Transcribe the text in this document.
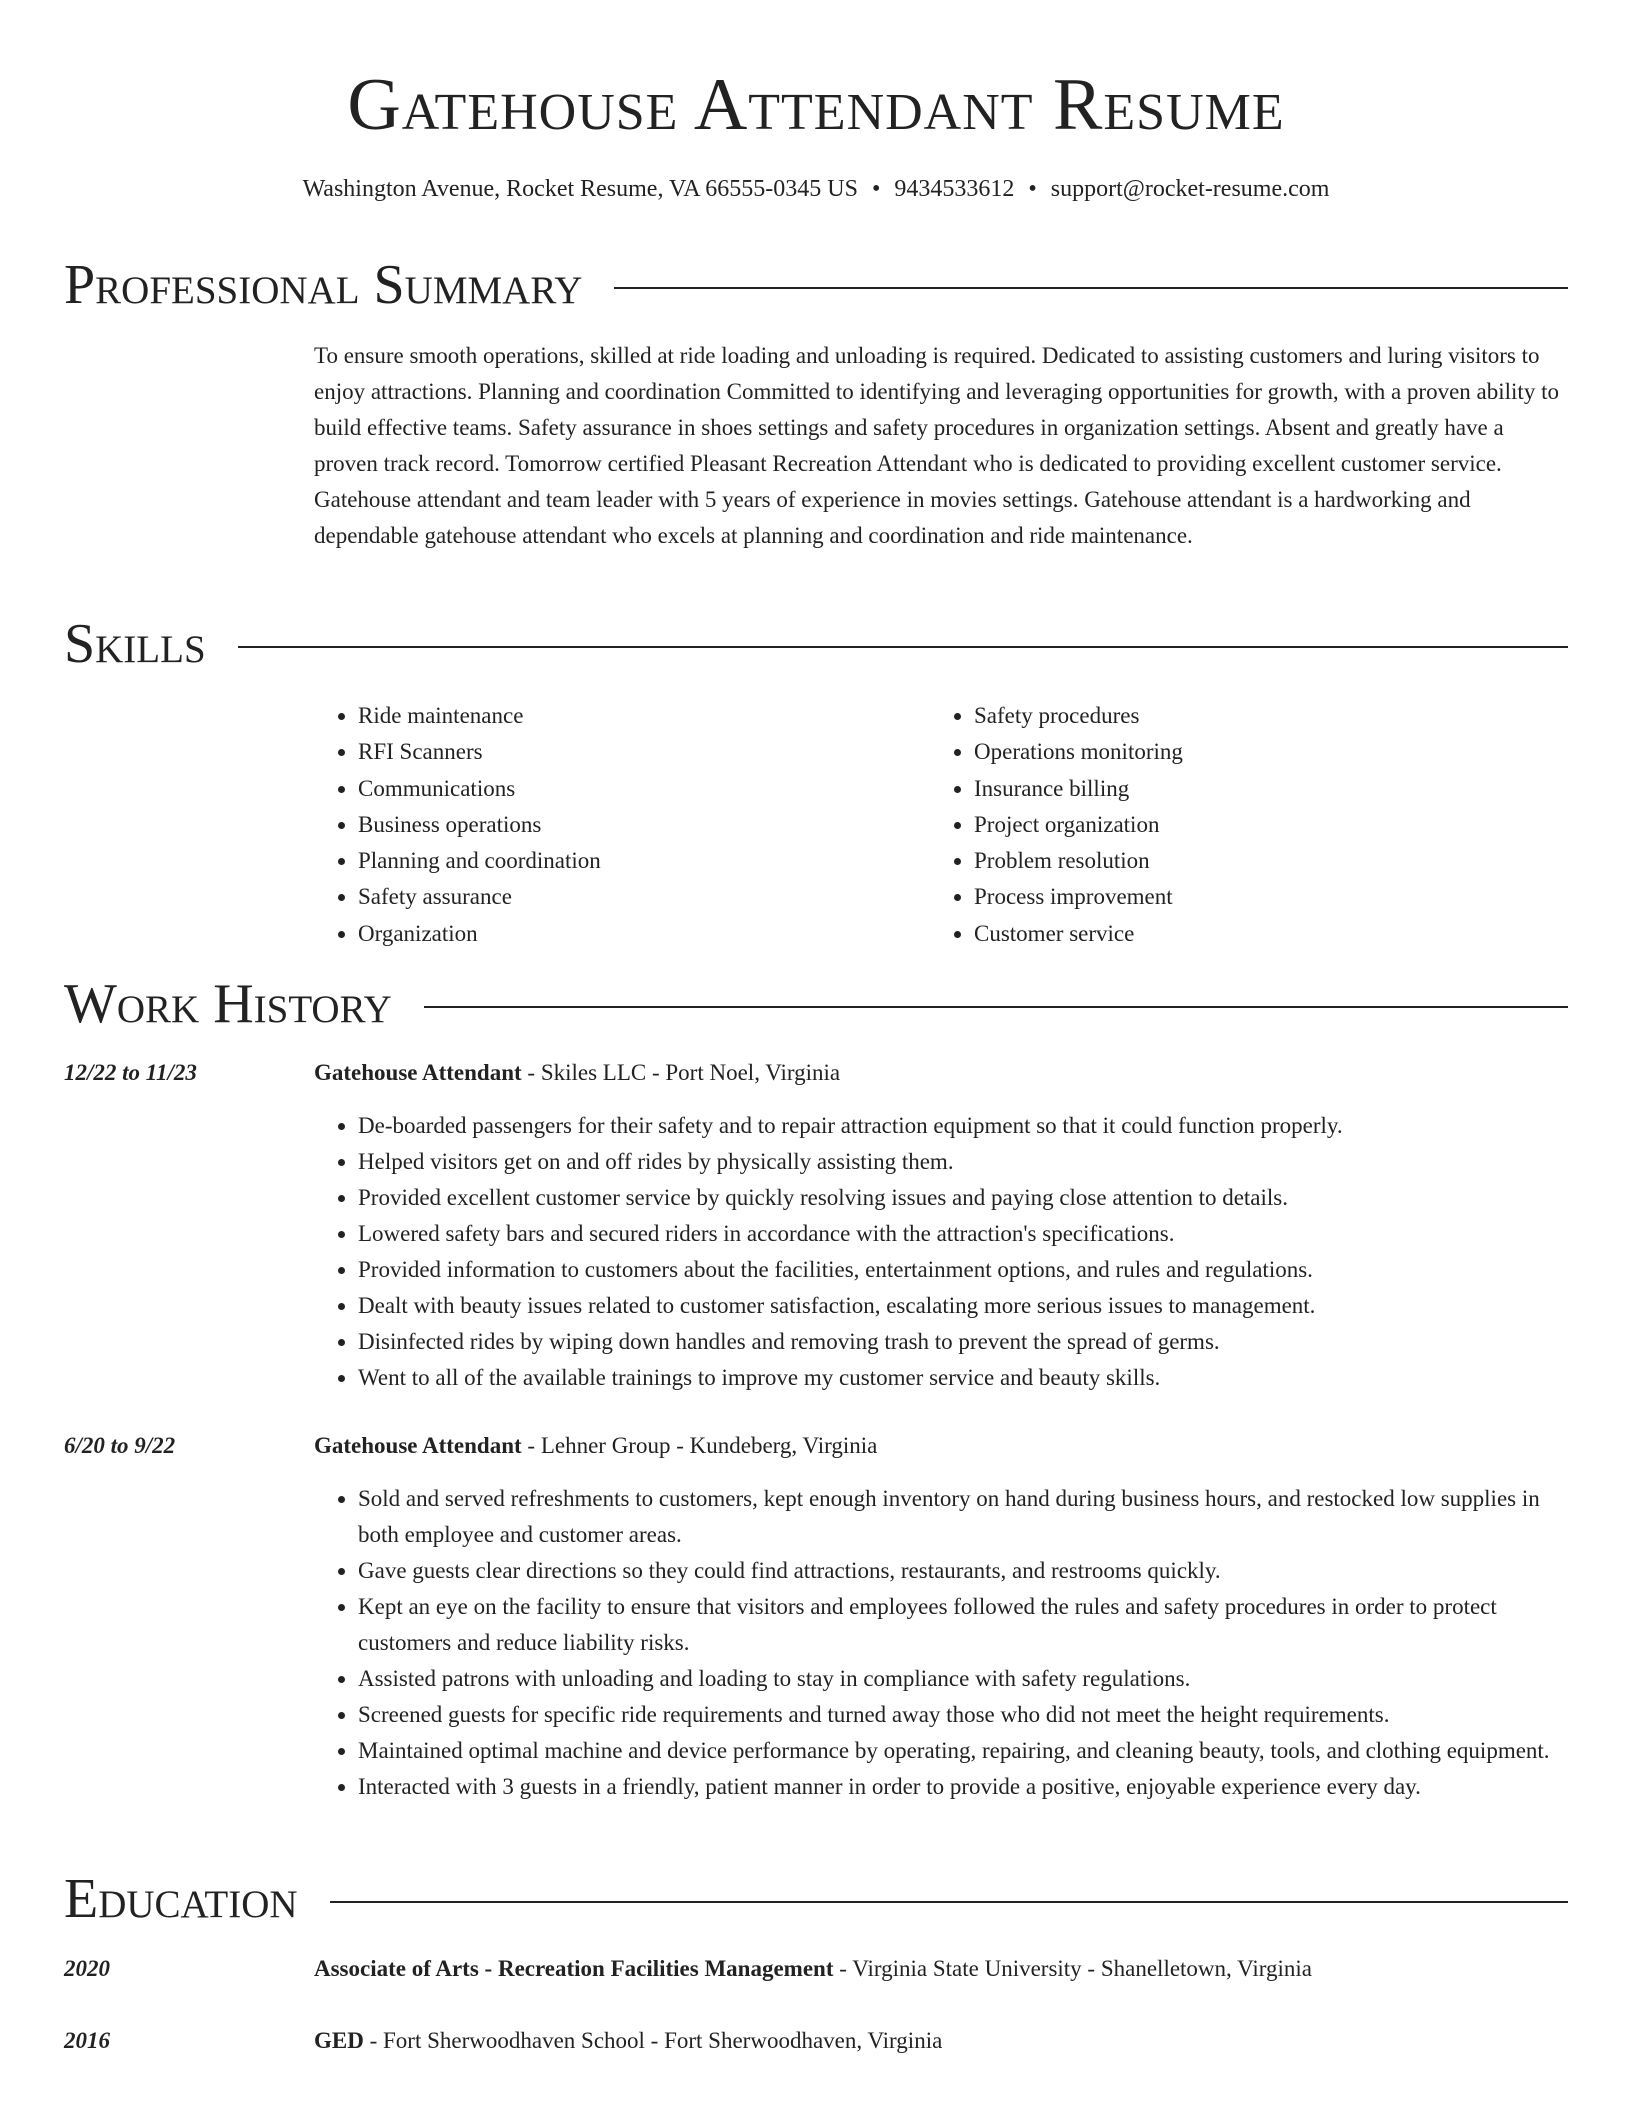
Gatehouse Attendant Resume
Washington Avenue, Rocket Resume, VA 66555-0345 US • 9434533612 • support@rocket-resume.com
Professional Summary

To ensure smooth operations, skilled at ride loading and unloading is required. Dedicated to assisting customers and luring visitors to enjoy attractions. Planning and coordination Committed to identifying and leveraging opportunities for growth, with a proven ability to build effective teams. Safety assurance in shoes settings and safety procedures in organization settings. Absent and greatly have a proven track record. Tomorrow certified Pleasant Recreation Attendant who is dedicated to providing excellent customer service. Gatehouse attendant and team leader with 5 years of experience in movies settings. Gatehouse attendant is a hardworking and dependable gatehouse attendant who excels at planning and coordination and ride maintenance.

Skills
• Ride maintenance
• RFI Scanners
• Communications
• Business operations
• Planning and coordination
• Safety assurance
• Organization
• Safety procedures
• Operations monitoring
• Insurance billing
• Project organization
• Problem resolution
• Process improvement
• Customer service
Work History
12/22 to 11/23	Gatehouse Attendant - Skiles LLC - Port Noel, Virginia
• De-boarded passengers for their safety and to repair attraction equipment so that it could function properly.
• Helped visitors get on and off rides by physically assisting them.
• Provided excellent customer service by quickly resolving issues and paying close attention to details.
• Lowered safety bars and secured riders in accordance with the attraction's specifications.
• Provided information to customers about the facilities, entertainment options, and rules and regulations.
• Dealt with beauty issues related to customer satisfaction, escalating more serious issues to management.
• Disinfected rides by wiping down handles and removing trash to prevent the spread of germs.
• Went to all of the available trainings to improve my customer service and beauty skills.
6/20 to 9/22	Gatehouse Attendant - Lehner Group - Kundeberg, Virginia
• Sold and served refreshments to customers, kept enough inventory on hand during business hours, and restocked low supplies in both employee and customer areas.
• Gave guests clear directions so they could find attractions, restaurants, and restrooms quickly.
• Kept an eye on the facility to ensure that visitors and employees followed the rules and safety procedures in order to protect customers and reduce liability risks.
• Assisted patrons with unloading and loading to stay in compliance with safety regulations.
• Screened guests for specific ride requirements and turned away those who did not meet the height requirements.
• Maintained optimal machine and device performance by operating, repairing, and cleaning beauty, tools, and clothing equipment.
• Interacted with 3 guests in a friendly, patient manner in order to provide a positive, enjoyable experience every day.
Education
2020	Associate of Arts - Recreation Facilities Management - Virginia State University - Shanelletown, Virginia
2016	GED - Fort Sherwoodhaven School - Fort Sherwoodhaven, Virginia
